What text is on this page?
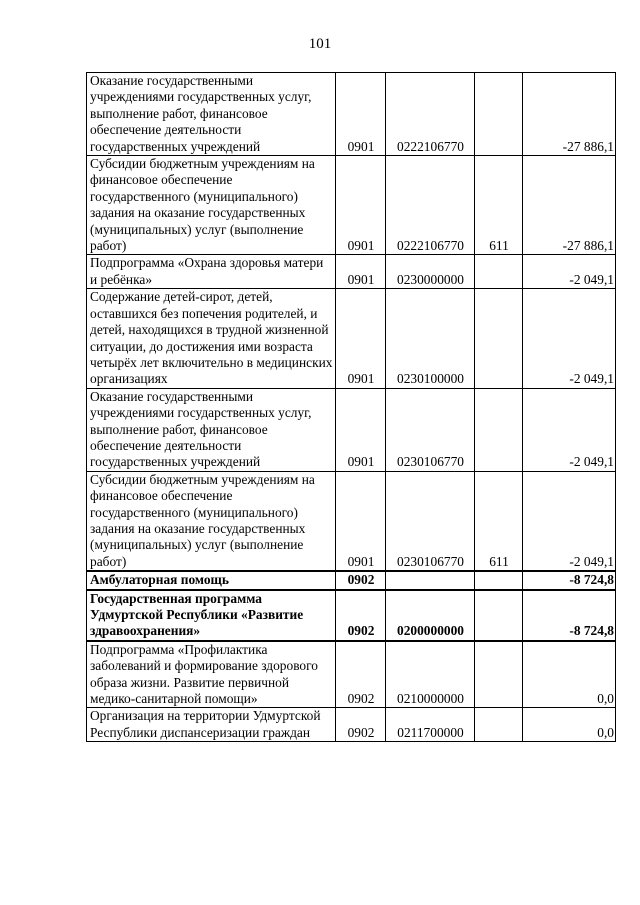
101
Оказание государственными учреждениями государственных услуг, выполнение работ, финансовое обеспечение деятельности государственных учреждений	0901	0222106770		-27 886,1
Субсидии бюджетным учреждениям на финансовое обеспечение государственного (муниципального) задания на оказание государственных (муниципальных) услуг (выполнение работ)	0901	0222106770	611	-27 886,1
Подпрограмма «Охрана здоровья матери и ребёнка»	0901	0230000000		-2 049,1
Содержание детей-сирот, детей, оставшихся без попечения родителей, и детей, находящихся в трудной жизненной ситуации, до достижения ими возраста четырёх лет включительно в медицинских организациях	0901	0230100000		-2 049,1
Оказание государственными учреждениями государственных услуг, выполнение работ, финансовое обеспечение деятельности государственных учреждений	0901	0230106770		-2 049,1
Субсидии бюджетным учреждениям на финансовое обеспечение государственного (муниципального) задания на оказание государственных (муниципальных) услуг (выполнение работ)	0901	0230106770	611	-2 049,1
Амбулаторная помощь	0902			-8 724,8
Государственная программа Удмуртской Республики «Развитие здравоохранения»	0902	0200000000		-8 724,8
Подпрограмма «Профилактика заболеваний и формирование здорового образа жизни. Развитие первичной медико-санитарной помощи»	0902	0210000000		0,0
Организация на территории Удмуртской Республики диспансеризации граждан	0902	0211700000		0,0
